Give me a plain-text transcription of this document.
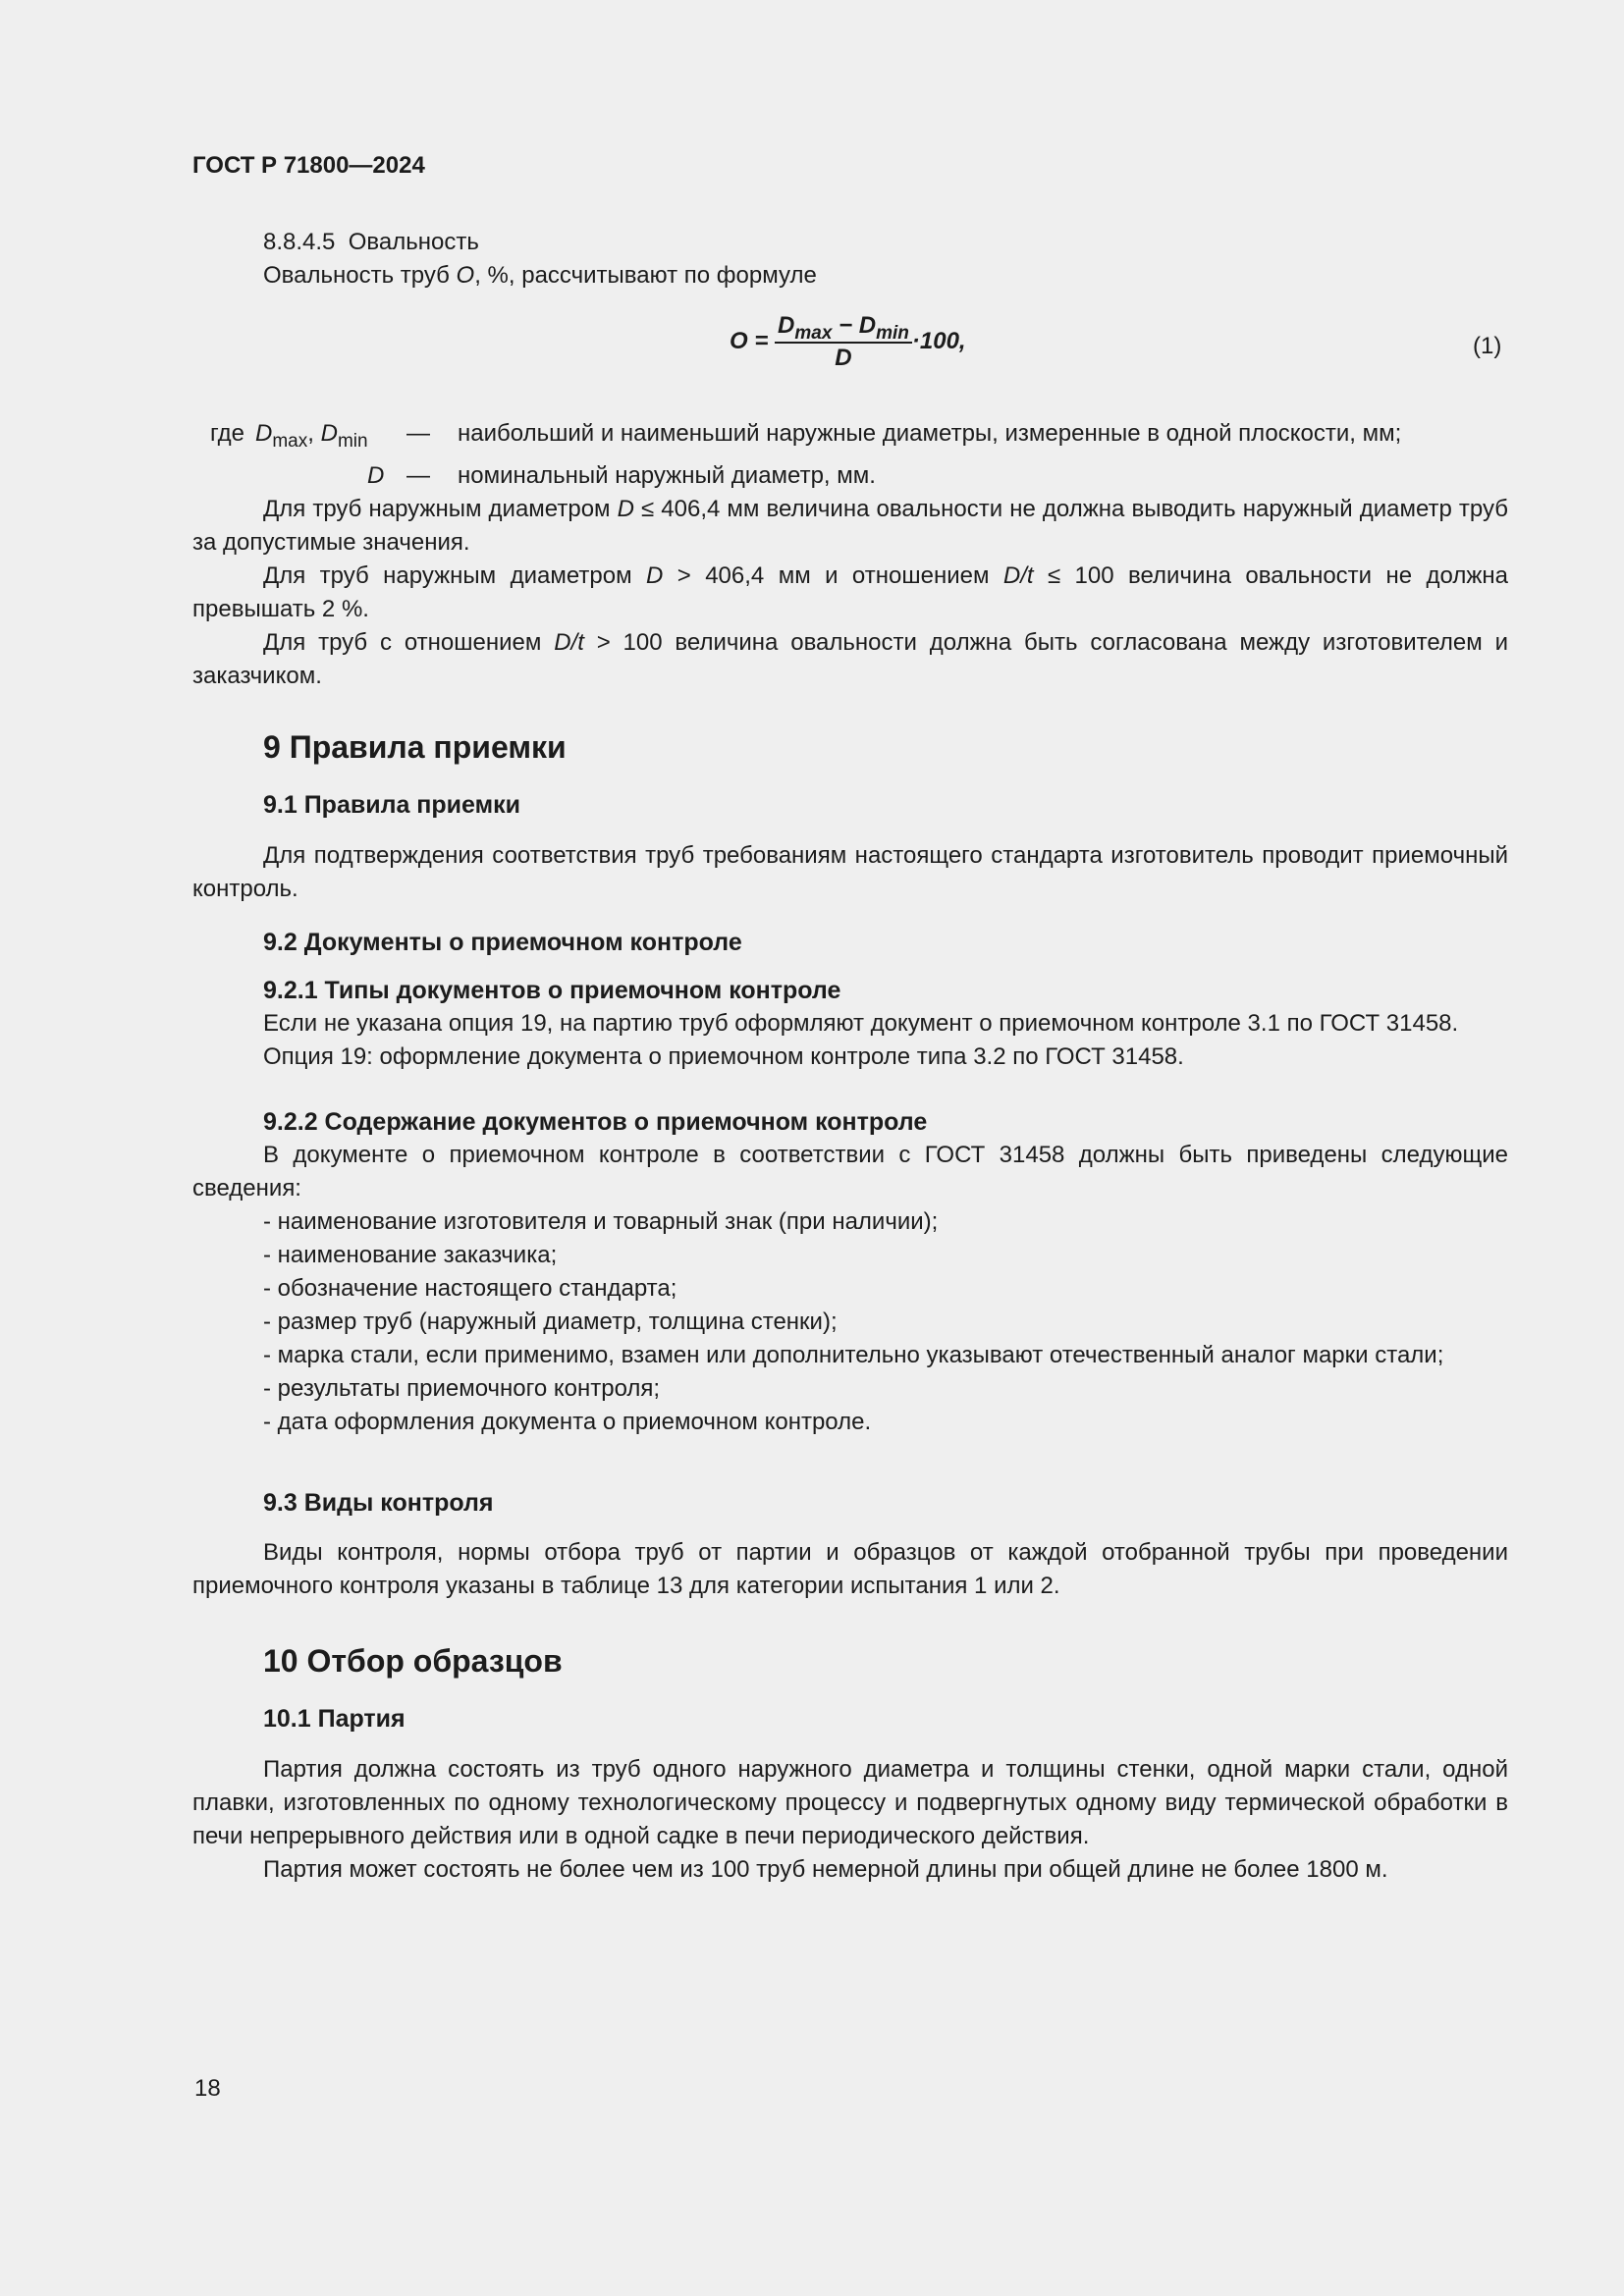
ГОСТ Р 71800—2024

8.8.4.5 Овальность

Овальность труб O, %, рассчитывают по формуле

$O = \frac{D_{max} - D_{min}}{D} \cdot 100$,	(1)
где $D_{max}$, $D_{min}$ — наибольший и наименьший наружные диаметры, измеренные в одной плоскости, мм;
D — номинальный наружный диаметр, мм.

Для труб наружным диаметром D ≤ 406,4 мм величина овальности не должна выводить наружный диаметр труб за допустимые значения.

Для труб наружным диаметром D > 406,4 мм и отношением D/t ≤ 100 величина овальности не должна превышать 2 %.

Для труб с отношением D/t > 100 величина овальности должна быть согласована между изготовителем и заказчиком.

9 Правила приемки
9.1 Правила приемки

Для подтверждения соответствия труб требованиям настоящего стандарта изготовитель проводит приемочный контроль.

9.2 Документы о приемочном контроле
9.2.1 Типы документов о приемочном контроле

Если не указана опция 19, на партию труб оформляют документ о приемочном контроле 3.1 по ГОСТ 31458.

Опция 19: оформление документа о приемочном контроле типа 3.2 по ГОСТ 31458.

9.2.2 Содержание документов о приемочном контроле

В документе о приемочном контроле в соответствии с ГОСТ 31458 должны быть приведены следующие сведения:

- наименование изготовителя и товарный знак (при наличии);

- наименование заказчика;

- обозначение настоящего стандарта;

- размер труб (наружный диаметр, толщина стенки);

- марка стали, если применимо, взамен или дополнительно указывают отечественный аналог марки стали;

- результаты приемочного контроля;

- дата оформления документа о приемочном контроле.

9.3 Виды контроля

Виды контроля, нормы отбора труб от партии и образцов от каждой отобранной трубы при проведении приемочного контроля указаны в таблице 13 для категории испытания 1 или 2.

10 Отбор образцов
10.1 Партия

Партия должна состоять из труб одного наружного диаметра и толщины стенки, одной марки стали, одной плавки, изготовленных по одному технологическому процессу и подвергнутых одному виду термической обработки в печи непрерывного действия или в одной садке в печи периодического действия.

Партия может состоять не более чем из 100 труб немерной длины при общей длине не более 1800 м.

18
